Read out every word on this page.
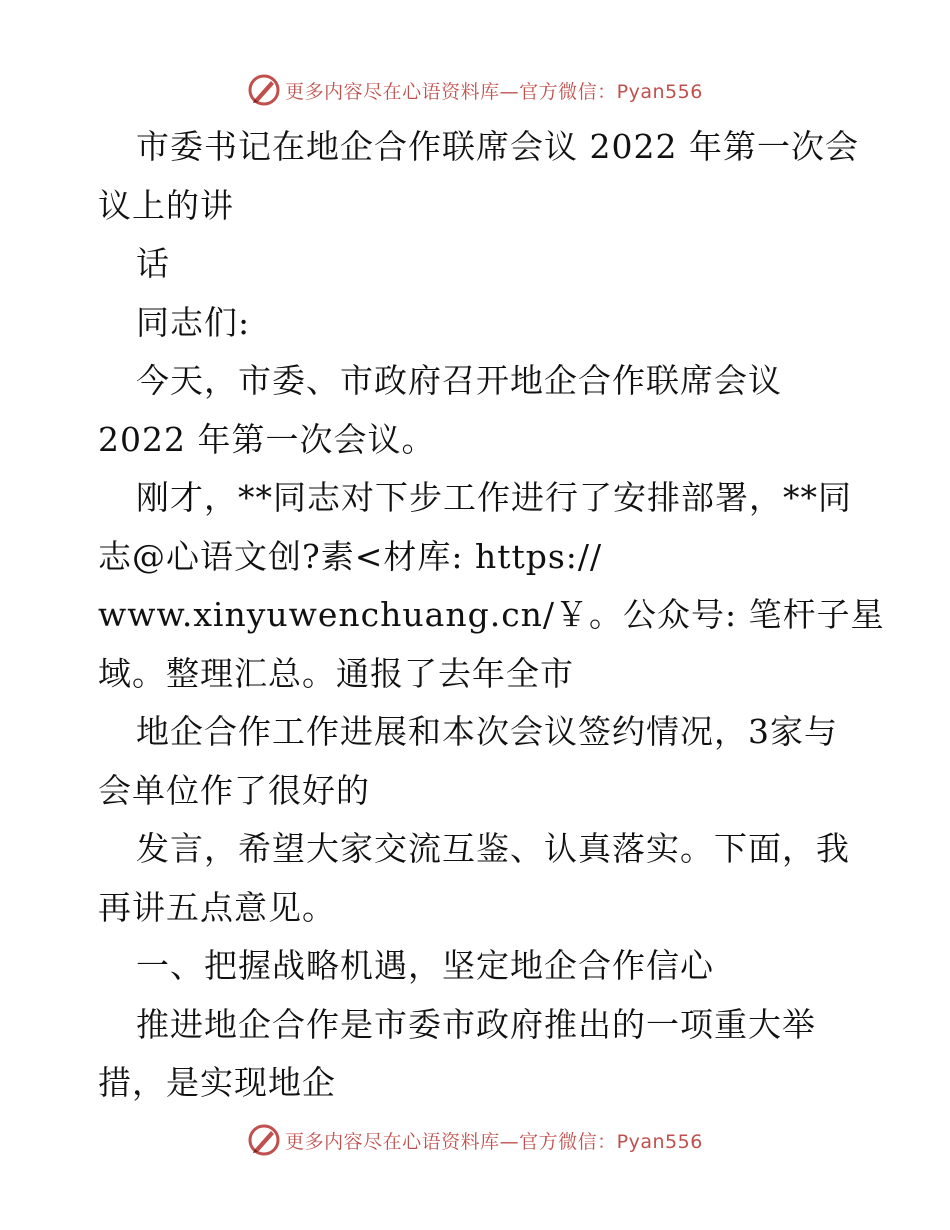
更多内容尽在心语资料库—官方微信：Pyan556
市委书记在地企合作联席会议 2022 年第一次会
议上的讲
话
同志们:
今天，市委、市政府召开地企合作联席会议
2022 年第一次会议。
刚才，**同志对下步工作进行了安排部署，**同
志@心语文创?素<材库: https://
www.xinyuwenchuang.cn/￥。公众号: 笔杆子星
域。整理汇总。通报了去年全市
地企合作工作进展和本次会议签约情况，3家与
会单位作了很好的
发言，希望大家交流互鉴、认真落实。下面，我
再讲五点意见。
一、把握战略机遇，坚定地企合作信心
推进地企合作是市委市政府推出的一项重大举
措，是实现地企
更多内容尽在心语资料库—官方微信：Pyan556
